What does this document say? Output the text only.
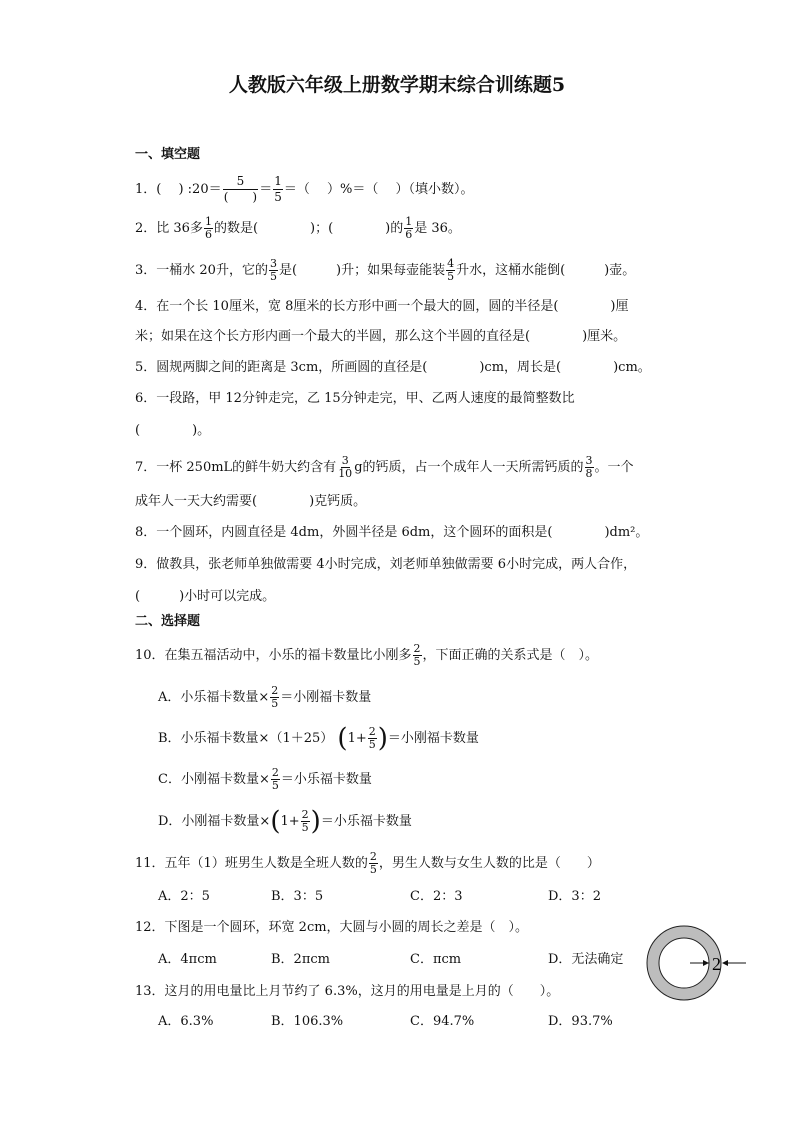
人教版六年级上册数学期末综合训练题5
一、填空题
1．(　 ) :20＝ $\frac{5}{( )} = \frac{1}{5}$ ＝（　 ）%＝（　 ）（填小数）。
2．比 36多 $\frac{1}{6}$ 的数是(　　　　)；(　　　　)的 $\frac{1}{6}$ 是 36。
3．一桶水 20升，它的 $\frac{3}{5}$ 是(　　　)升；如果每壶能装 $\frac{4}{5}$ 升水，这桶水能倒(　　　)壶。
4．在一个长 10厘米，宽 8厘米的长方形中画一个最大的圆，圆的半径是(　　　　)厘
米；如果在这个长方形内画一个最大的半圆，那么这个半圆的直径是(　　　　)厘米。
5．圆规两脚之间的距离是 3cm，所画圆的直径是(　　　　)cm，周长是(　　　　)cm。
6．一段路，甲 12分钟走完，乙 15分钟走完，甲、乙两人速度的最简整数比
(　　　　)。
7．一杯 250mL的鲜牛奶大约含有 $\frac{3}{10}$ g的钙质，占一个成年人一天所需钙质的 $\frac{3}{8}$ 。一个
成年人一天大约需要(　　　　)克钙质。
8．一个圆环，内圆直径是 4dm，外圆半径是 6dm，这个圆环的面积是(　　　　)dm²。
9．做教具，张老师单独做需要 4小时完成，刘老师单独做需要 6小时完成，两人合作，
(　　　)小时可以完成。
二、选择题
10．在集五福活动中，小乐的福卡数量比小刚多 $\frac{2}{5}$ ，下面正确的关系式是（　）。
A．小乐福卡数量× $\frac{2}{5}$ ＝小刚福卡数量
B．小乐福卡数量×（1＋25） ($1+ \frac{2}{5}$ )＝小刚福卡数量
C．小刚福卡数量× $\frac{2}{5}$ ＝小乐福卡数量
D．小刚福卡数量$\times(1+ \frac{2}{5}$ )＝小乐福卡数量
11．五年（1）班男生人数是全班人数的 $\frac{2}{5}$ ，男生人数与女生人数的比是（　　）
A．2：5	B．3：5	C．2：3	D．3：2
12．下图是一个圆环，环宽 2cm，大圆与小圆的周长之差是（　）。
A．4πcm	B．2πcm	C．πcm	D．无法确定	2
13．这月的用电量比上月节约了 6.3%，这月的用电量是上月的（　　）。
A．6.3%	B．106.3%	C．94.7%	D．93.7%
